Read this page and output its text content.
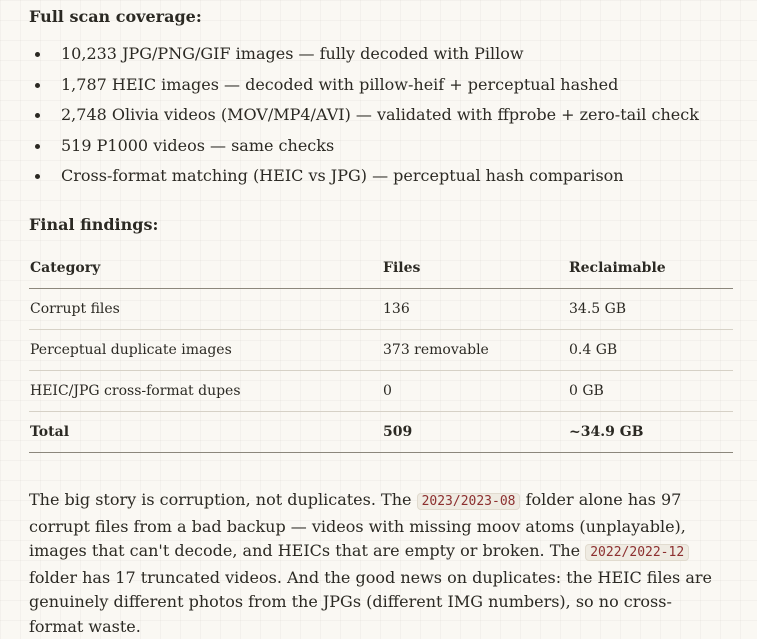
Full scan coverage:

10,233 JPG/PNG/GIF images — fully decoded with Pillow
1,787 HEIC images — decoded with pillow-heif + perceptual hashed
2,748 Olivia videos (MOV/MP4/AVI) — validated with ffprobe + zero-tail check
519 P1000 videos — same checks
Cross-format matching (HEIC vs JPG) — perceptual hash comparison

Final findings:

Category	Files	Reclaimable
Corrupt files	136	34.5 GB
Perceptual duplicate images	373 removable	0.4 GB
HEIC/JPG cross-format dupes	0	0 GB
Total	509	~34.9 GB

The big story is corruption, not duplicates. The 2023/2023-08 folder alone has 97 corrupt files from a bad backup — videos with missing moov atoms (unplayable), images that can't decode, and HEICs that are empty or broken. The 2022/2022-12 folder has 17 truncated videos. And the good news on duplicates: the HEIC files are genuinely different photos from the JPGs (different IMG numbers), so no cross-format waste.
